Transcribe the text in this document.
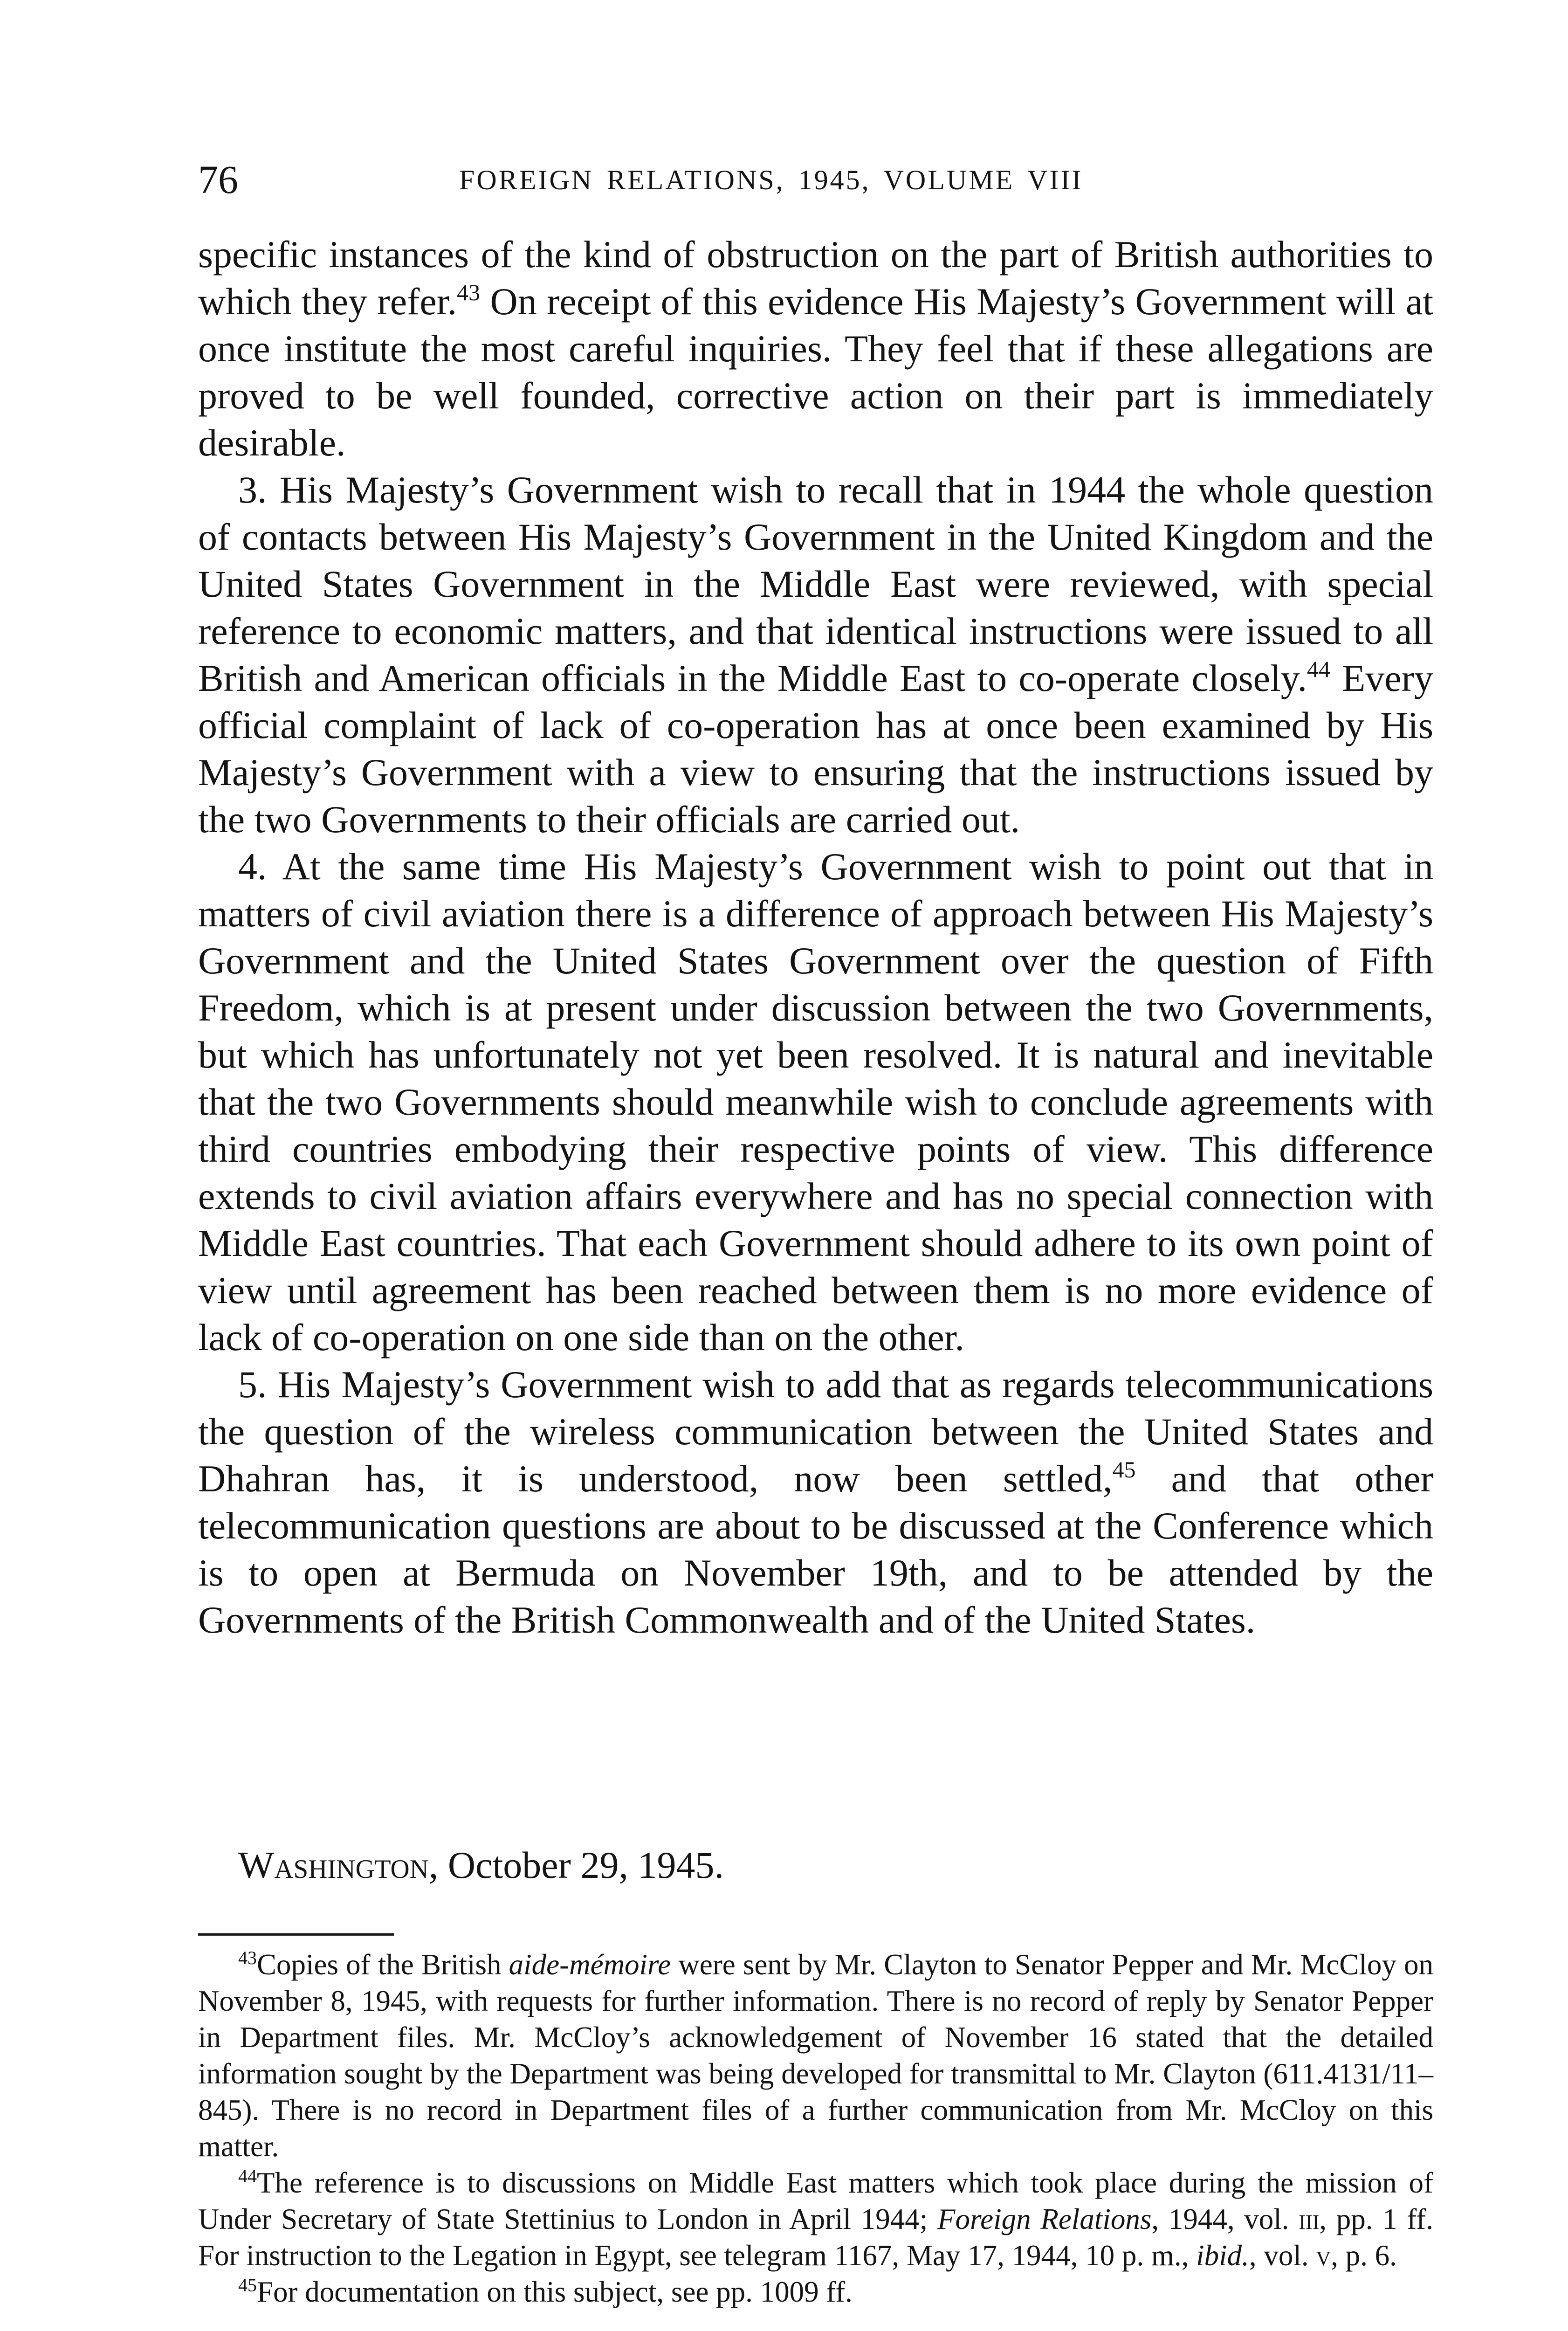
76	FOREIGN RELATIONS, 1945, VOLUME VIII

specific instances of the kind of obstruction on the part of British authorities to which they refer.$^{43}$ On receipt of this evidence His Majesty’s Government will at once institute the most careful inquiries. They feel that if these allegations are proved to be well founded, corrective action on their part is immediately desirable.

3. His Majesty’s Government wish to recall that in 1944 the whole question of contacts between His Majesty’s Government in the United Kingdom and the United States Government in the Middle East were reviewed, with special reference to economic matters, and that identical instructions were issued to all British and American officials in the Middle East to co-operate closely.$^{44}$ Every official complaint of lack of co-operation has at once been examined by His Majesty’s Government with a view to ensuring that the instructions issued by the two Governments to their officials are carried out.

4. At the same time His Majesty’s Government wish to point out that in matters of civil aviation there is a difference of approach between His Majesty’s Government and the United States Government over the question of Fifth Freedom, which is at present under discussion between the two Governments, but which has unfortunately not yet been resolved. It is natural and inevitable that the two Governments should meanwhile wish to conclude agreements with third countries embodying their respective points of view. This difference extends to civil aviation affairs everywhere and has no special connection with Middle East countries. That each Government should adhere to its own point of view until agreement has been reached between them is no more evidence of lack of co-operation on one side than on the other.

5. His Majesty’s Government wish to add that as regards telecommunications the question of the wireless communication between the United States and Dhahran has, it is understood, now been settled,$^{45}$ and that other telecommunication questions are about to be discussed at the Conference which is to open at Bermuda on November 19th, and to be attended by the Governments of the British Commonwealth and of the United States.

Washington, October 29, 1945.

$^{43}$Copies of the British aide-mémoire were sent by Mr. Clayton to Senator Pepper and Mr. McCloy on November 8, 1945, with requests for further information. There is no record of reply by Senator Pepper in Department files. Mr. McCloy’s acknowledgement of November 16 stated that the detailed information sought by the Department was being developed for transmittal to Mr. Clayton (611.4131/11–845). There is no record in Department files of a further communication from Mr. McCloy on this matter.

$^{44}$The reference is to discussions on Middle East matters which took place during the mission of Under Secretary of State Stettinius to London in April 1944; Foreign Relations, 1944, vol. iii, pp. 1 ff. For instruction to the Legation in Egypt, see telegram 1167, May 17, 1944, 10 p. m., ibid., vol. v, p. 6.

$^{45}$For documentation on this subject, see pp. 1009 ff.
